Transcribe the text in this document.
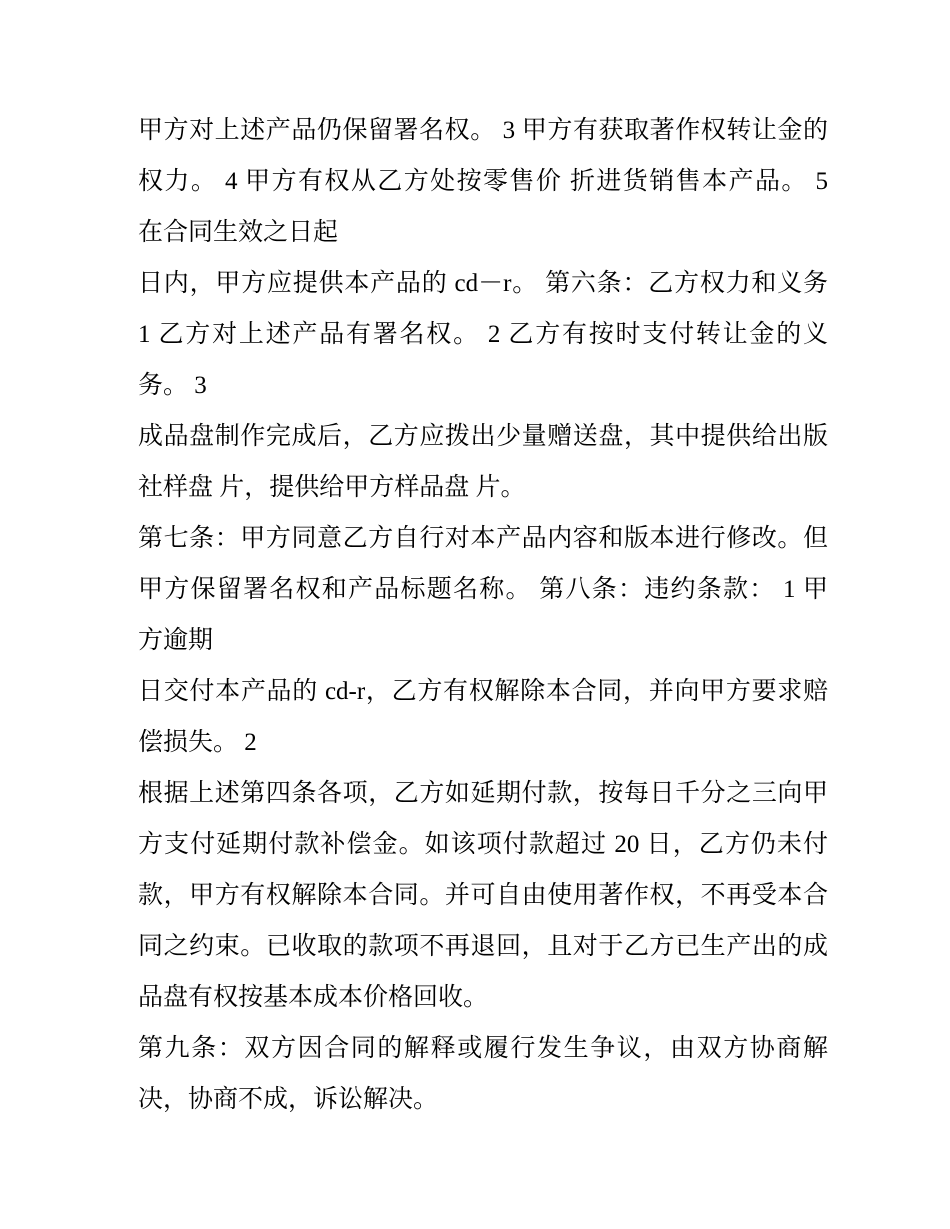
甲方对上述产品仍保留署名权。 3 甲方有获取著作权转让金的
权力。 4 甲方有权从乙方处按零售价 折进货销售本产品。 5
在合同生效之日起
日内，甲方应提供本产品的 cd－r。 第六条：乙方权力和义务
1 乙方对上述产品有署名权。 2 乙方有按时支付转让金的义
务。 3
成品盘制作完成后，乙方应拨出少量赠送盘，其中提供给出版
社样盘 片，提供给甲方样品盘 片。
第七条：甲方同意乙方自行对本产品内容和版本进行修改。但
甲方保留署名权和产品标题名称。 第八条：违约条款： 1 甲
方逾期
日交付本产品的 cd-r，乙方有权解除本合同，并向甲方要求赔
偿损失。 2
根据上述第四条各项，乙方如延期付款，按每日千分之三向甲
方支付延期付款补偿金。如该项付款超过 20 日，乙方仍未付
款，甲方有权解除本合同。并可自由使用著作权，不再受本合
同之约束。已收取的款项不再退回，且对于乙方已生产出的成
品盘有权按基本成本价格回收。
第九条：双方因合同的解释或履行发生争议，由双方协商解
决，协商不成，诉讼解决。
